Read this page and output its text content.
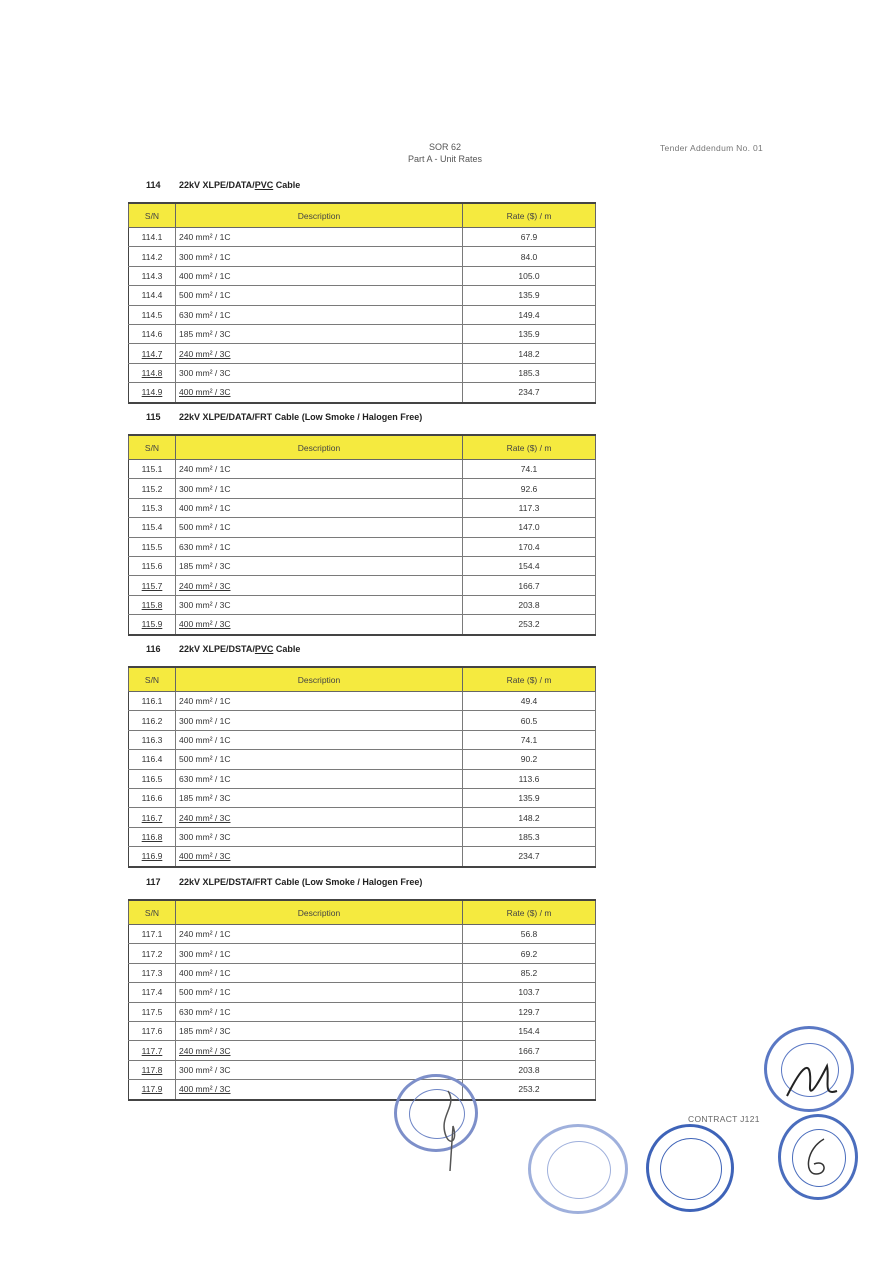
SOR 62
Part A - Unit Rates
Tender Addendum No. 01
114 22kV XLPE/DATA/PVC Cable
S/N	Description	Rate ($) / m
114.1	240 mm² / 1C	67.9
114.2	300 mm² / 1C	84.0
114.3	400 mm² / 1C	105.0
114.4	500 mm² / 1C	135.9
114.5	630 mm² / 1C	149.4
114.6	185 mm² / 3C	135.9
114.7	240 mm² / 3C	148.2
114.8	300 mm² / 3C	185.3
114.9	400 mm² / 3C	234.7
115 22kV XLPE/DATA/FRT Cable (Low Smoke / Halogen Free)
S/N	Description	Rate ($) / m
115.1	240 mm² / 1C	74.1
115.2	300 mm² / 1C	92.6
115.3	400 mm² / 1C	117.3
115.4	500 mm² / 1C	147.0
115.5	630 mm² / 1C	170.4
115.6	185 mm² / 3C	154.4
115.7	240 mm² / 3C	166.7
115.8	300 mm² / 3C	203.8
115.9	400 mm² / 3C	253.2
116 22kV XLPE/DSTA/PVC Cable
S/N	Description	Rate ($) / m
116.1	240 mm² / 1C	49.4
116.2	300 mm² / 1C	60.5
116.3	400 mm² / 1C	74.1
116.4	500 mm² / 1C	90.2
116.5	630 mm² / 1C	113.6
116.6	185 mm² / 3C	135.9
116.7	240 mm² / 3C	148.2
116.8	300 mm² / 3C	185.3
116.9	400 mm² / 3C	234.7
117 22kV XLPE/DSTA/FRT Cable (Low Smoke / Halogen Free)
S/N	Description	Rate ($) / m
117.1	240 mm² / 1C	56.8
117.2	300 mm² / 1C	69.2
117.3	400 mm² / 1C	85.2
117.4	500 mm² / 1C	103.7
117.5	630 mm² / 1C	129.7
117.6	185 mm² / 3C	154.4
117.7	240 mm² / 3C	166.7
117.8	300 mm² / 3C	203.8
117.9	400 mm² / 3C	253.2
CONTRACT J121
